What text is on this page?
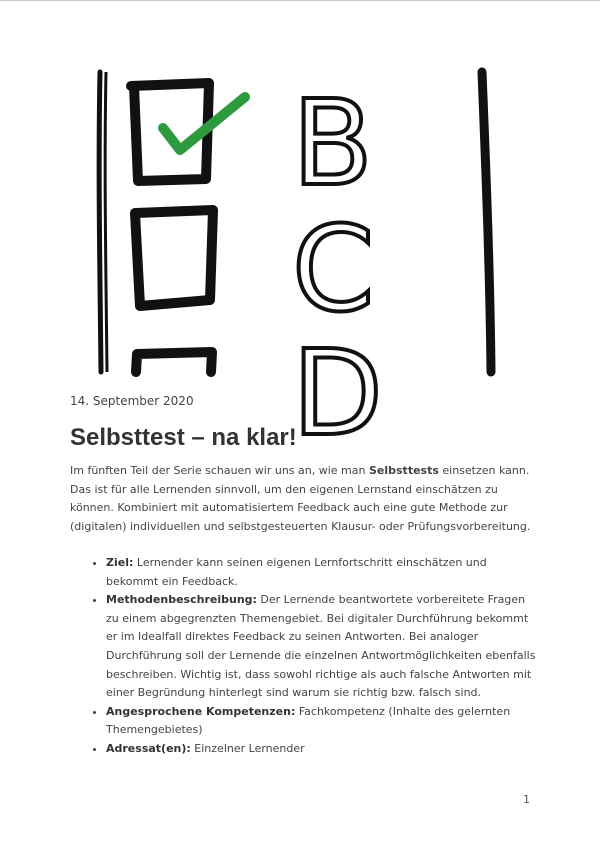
B
C
D
14. September 2020
Selbsttest – na klar!

Im fünften Teil der Serie schauen wir uns an, wie man Selbsttests einsetzen kann. Das ist für alle Lernenden sinnvoll, um den eigenen Lernstand einschätzen zu können. Kombiniert mit automatisiertem Feedback auch eine gute Methode zur (digitalen) individuellen und selbstgesteuerten Klausur- oder Prüfungsvorbereitung.

• Ziel: Lernender kann seinen eigenen Lernfortschritt einschätzen und bekommt ein Feedback.
• Methodenbeschreibung: Der Lernende beantwortete vorbereitete Fragen zu einem abgegrenzten Themengebiet. Bei digitaler Durchführung bekommt er im Idealfall direktes Feedback zu seinen Antworten. Bei analoger Durchführung soll der Lernende die einzelnen Antwortmöglichkeiten ebenfalls beschreiben. Wichtig ist, dass sowohl richtige als auch falsche Antworten mit einer Begründung hinterlegt sind warum sie richtig bzw. falsch sind.
• Angesprochene Kompetenzen: Fachkompetenz (Inhalte des gelernten Themengebietes)
• Adressat(en): Einzelner Lernender
1
